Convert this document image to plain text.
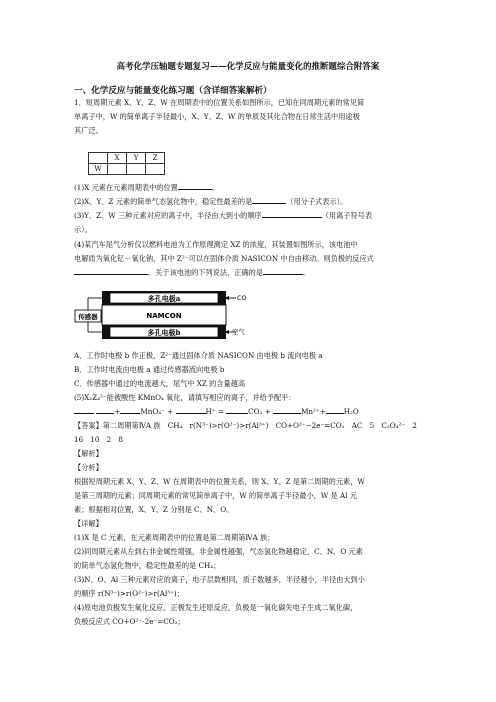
高考化学压轴题专题复习——化学反应与能量变化的推断题综合附答案
一、化学反应与能量变化练习题（含详细答案解析）
1．短周期元素 X、Y、Z、W 在周期表中的位置关系如图所示，已知在同周期元素的常见简
单离子中，W 的简单离子半径最小，X、Y、Z、W 的单质及其化合物在日常生活中用途极
其广泛。
	X	Y	Z
W			
(1)X 元素在元素周期表中的位置	。
(2)X、Y、Z 元素的简单气态氢化物中，稳定性最差的是	（用分子式表示）。
(3)Y、Z、W 三种元素对应的离子中，半径由大到小的顺序	（用离子符号表
示）。
(4)某汽车尾气分析仪以燃料电池为工作原理测定 XZ 的浓度，其装置如图所示，该电池中
电解质为氧化钇－氧化钠，其中 Z²⁻可以在固体介质 NASICON 中自由移动。则负极的反应式
。关于该电池的下列说法，正确的是	。
多孔电极a
NAMCON
多孔电极b
传感器
CO
空气
A．工作时电极 b 作正极，Z²⁻通过固体介质 NASICON 由电极 b 流向电极 a
B．工作时电流由电极 a 通过传感器流向电极 b
C．传感器中通过的电流越大，尾气中 XZ 的含量越高
(5)X₂Z₄²⁻能被酸性 KMnO₄ 氧化，请填写相应的离子，并给予配平：
+	MnO₄⁻ +	H⁺ =	CO₂ +	Mn²⁺+	H₂O
【答案】第二周期第ⅣA 族　CH₄　r(N³⁻)>r(O²⁻)>r(Al³⁺)　CO+O²⁻−2e⁻=CO₂　AC　5　C₂O₄²⁻　2
16　10　2　8
【解析】
【分析】
根据短周期元素 X、Y、Z、W 在周期表中的位置关系，则 X、Y、Z 是第二周期的元素，W
是第三周期的元素；同周期元素的常见简单离子中，W 的简单离子半径最小，W 是 Al 元
素；根据相对位置，X、Y、Z 分别是 C、N、O。
【详解】
(1)X 是 C 元素，在元素周期表中的位置是第二周期第ⅣA 族；
(2)同周期元素从左到右非金属性增强，非金属性越强，气态氢化物越稳定，C、N、O 元素
的简单气态氢化物中，稳定性最差的是 CH₄；
(3)N、O、Al 三种元素对应的离子，电子层数相同，质子数越多，半径越小，半径由大到小
的顺序 r(N³⁻)>r(O²⁻)>r(Al³⁺)；
(4)原电池负极发生氧化反应、正极发生还原反应，负极是一氧化碳失电子生成二氧化碳，
负极反应式 CO+O²⁻-2e⁻=CO₂；
